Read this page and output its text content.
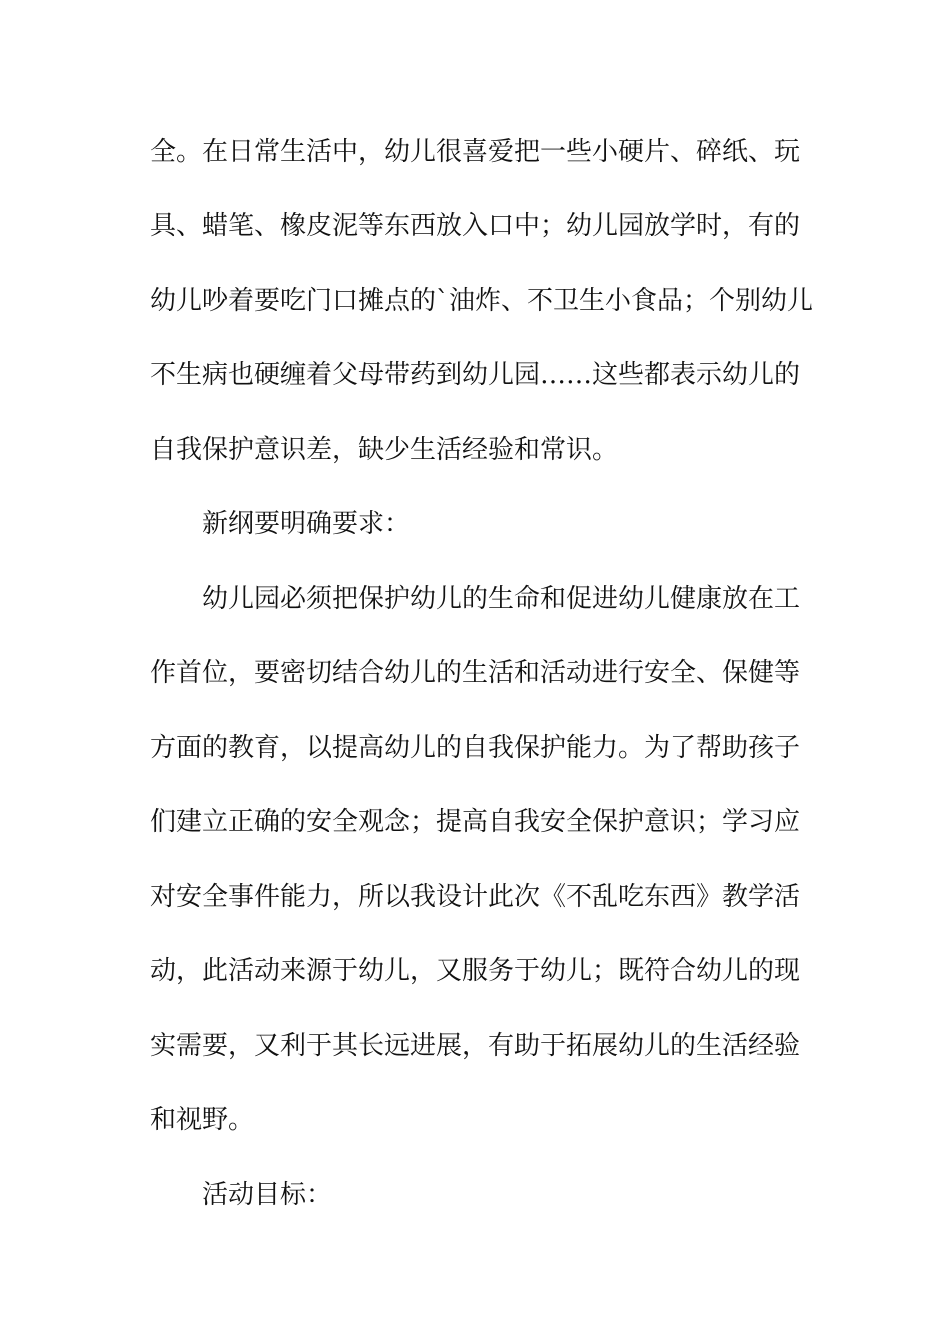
全。在日常生活中，幼儿很喜爱把一些小硬片、碎纸、玩

具、蜡笔、橡皮泥等东西放入口中；幼儿园放学时，有的

幼儿吵着要吃门口摊点的`油炸、不卫生小食品；个别幼儿

不生病也硬缠着父母带药到幼儿园……这些都表示幼儿的

自我保护意识差，缺少生活经验和常识。

新纲要明确要求：

幼儿园必须把保护幼儿的生命和促进幼儿健康放在工

作首位，要密切结合幼儿的生活和活动进行安全、保健等

方面的教育，以提高幼儿的自我保护能力。为了帮助孩子

们建立正确的安全观念；提高自我安全保护意识；学习应

对安全事件能力，所以我设计此次《不乱吃东西》教学活

动，此活动来源于幼儿，又服务于幼儿；既符合幼儿的现

实需要，又利于其长远进展，有助于拓展幼儿的生活经验

和视野。

活动目标：
